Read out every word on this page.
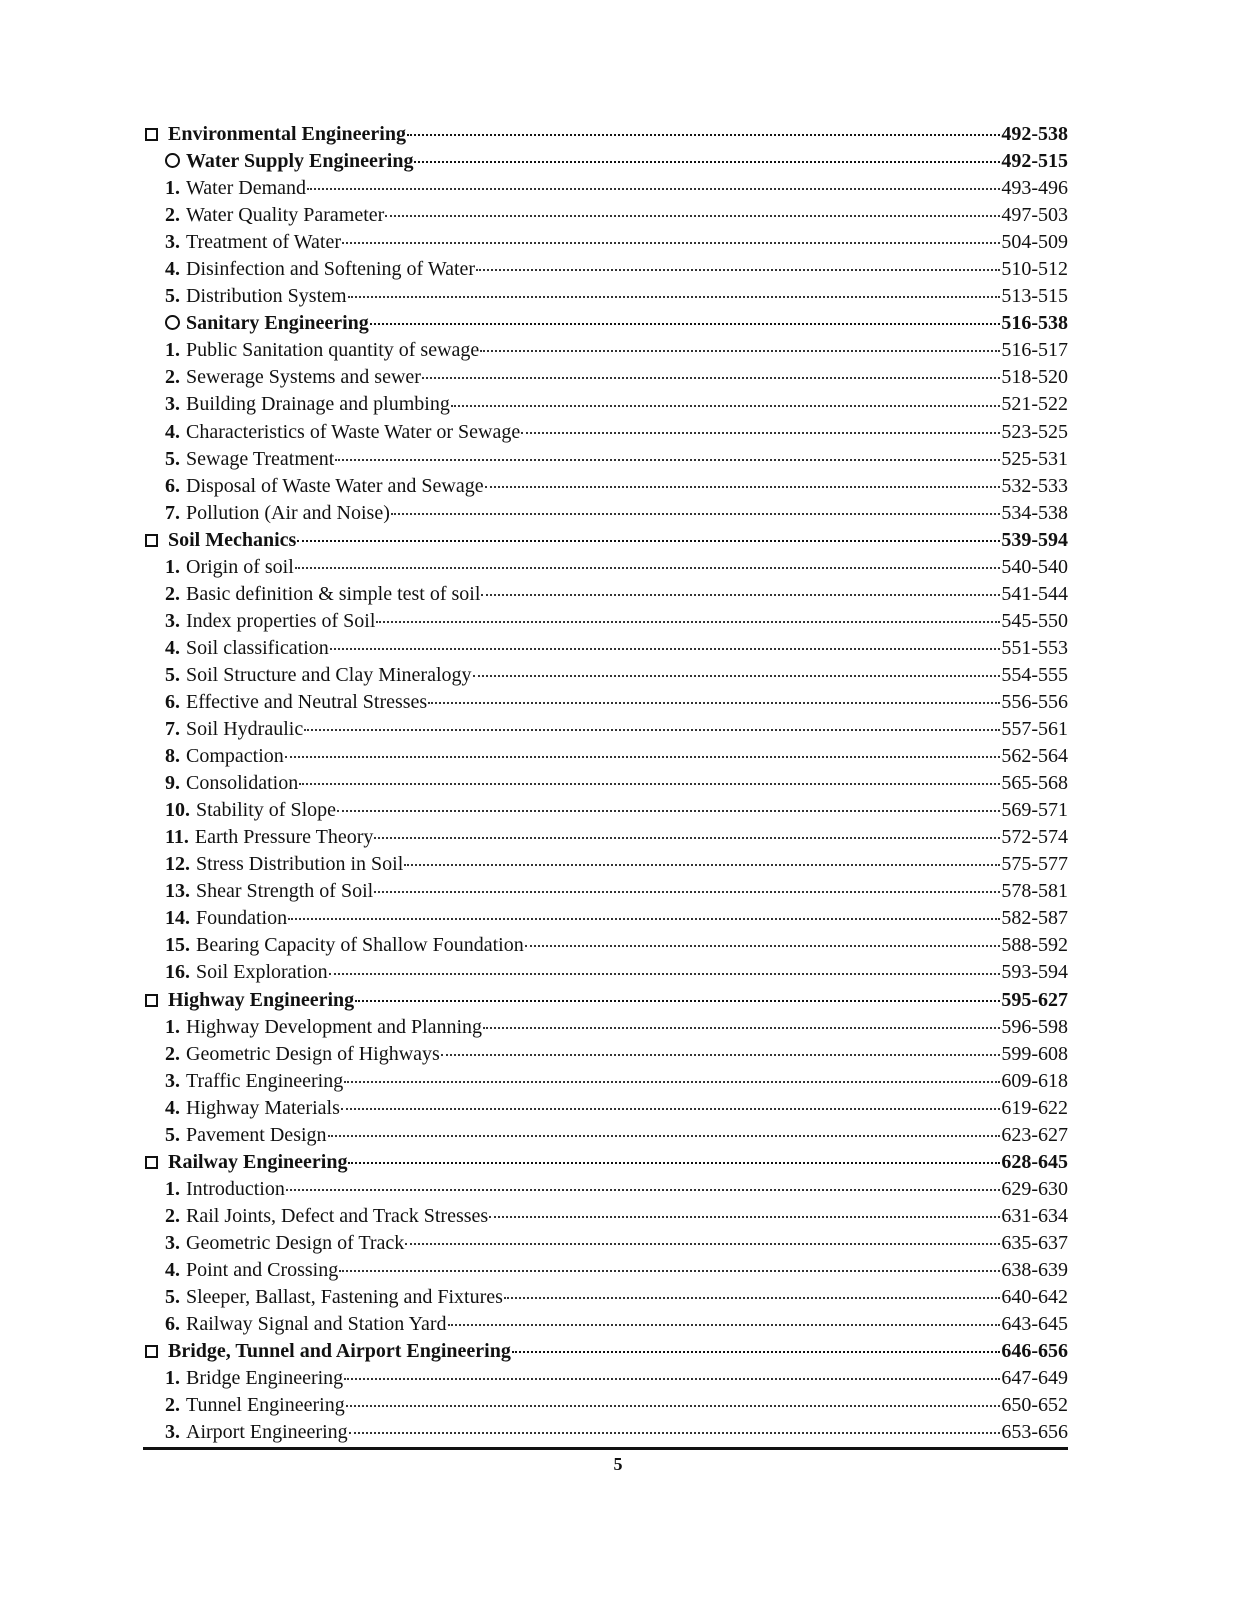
Environmental Engineering	492-538
Water Supply Engineering	492-515
1. Water Demand	493-496
2. Water Quality Parameter	497-503
3. Treatment of Water	504-509
4. Disinfection and Softening of Water	510-512
5. Distribution System	513-515
Sanitary Engineering	516-538
1. Public Sanitation quantity of sewage	516-517
2. Sewerage Systems and sewer	518-520
3. Building Drainage and plumbing	521-522
4. Characteristics of Waste Water or Sewage	523-525
5. Sewage Treatment	525-531
6. Disposal of Waste Water and Sewage	532-533
7. Pollution (Air and Noise)	534-538
Soil Mechanics	539-594
1. Origin of soil	540-540
2. Basic definition & simple test of soil	541-544
3. Index properties of Soil	545-550
4. Soil classification	551-553
5. Soil Structure and Clay Mineralogy	554-555
6. Effective and Neutral Stresses	556-556
7. Soil Hydraulic	557-561
8. Compaction	562-564
9. Consolidation	565-568
10. Stability of Slope	569-571
11. Earth Pressure Theory	572-574
12. Stress Distribution in Soil	575-577
13. Shear Strength of Soil	578-581
14. Foundation	582-587
15. Bearing Capacity of Shallow Foundation	588-592
16. Soil Exploration	593-594
Highway Engineering	595-627
1. Highway Development and Planning	596-598
2. Geometric Design of Highways	599-608
3. Traffic Engineering	609-618
4. Highway Materials	619-622
5. Pavement Design	623-627
Railway Engineering	628-645
1. Introduction	629-630
2. Rail Joints, Defect and Track Stresses	631-634
3. Geometric Design of Track	635-637
4. Point and Crossing	638-639
5. Sleeper, Ballast, Fastening and Fixtures	640-642
6. Railway Signal and Station Yard	643-645
Bridge, Tunnel and Airport Engineering	646-656
1. Bridge Engineering	647-649
2. Tunnel Engineering	650-652
3. Airport Engineering	653-656
5
